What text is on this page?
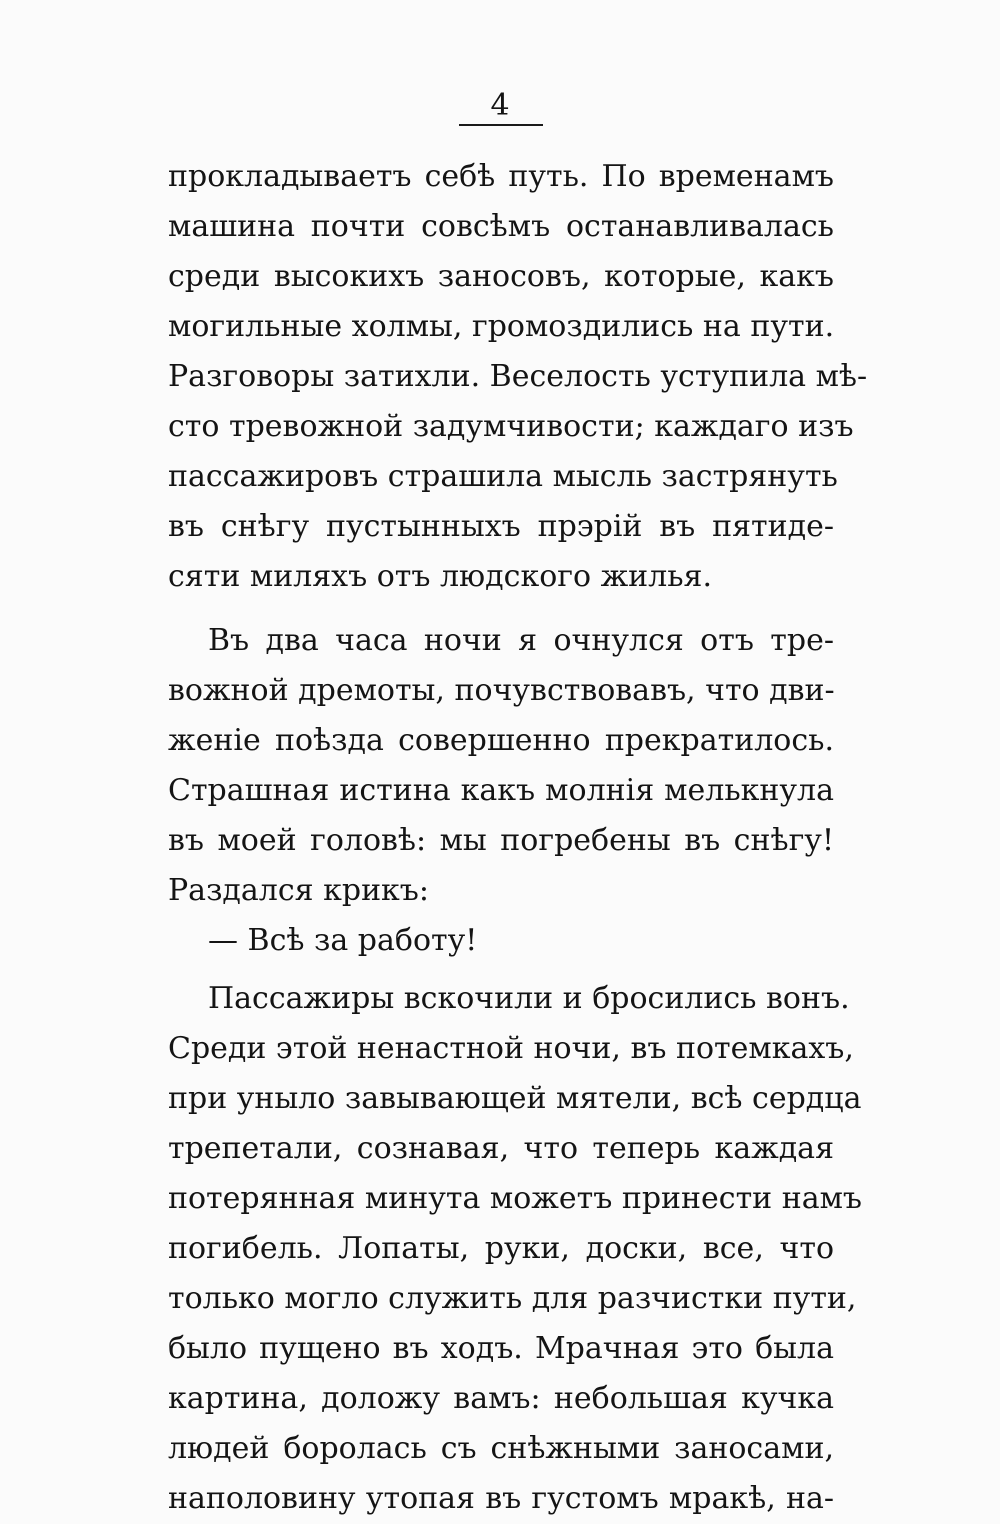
4
прокладываетъ себѣ путь. По временамъ
машина почти совсѣмъ останавливалась
среди высокихъ заносовъ, которые, какъ
могильные холмы, громоздились на пути.
Разговоры затихли. Веселость уступила мѣ-
сто тревожной задумчивости; каждаго изъ
пассажировъ страшила мысль застрянуть
въ снѣгу пустынныхъ прэрiй въ пятиде-
сяти миляхъ отъ людского жилья.
Въ два часа ночи я очнулся отъ тре-
вожной дремоты, почувствовавъ, что дви-
женiе поѣзда совершенно прекратилось.
Страшная истина какъ молнiя мелькнула
въ моей головѣ: мы погребены въ снѣгу!
Раздался крикъ:
— Всѣ за работу!
Пассажиры вскочили и бросились вонъ.
Среди этой ненастной ночи, въ потемкахъ,
при уныло завывающей мятели, всѣ сердца
трепетали, сознавая, что теперь каждая
потерянная минута можетъ принести намъ
погибель. Лопаты, руки, доски, все, что
только могло служить для разчистки пути,
было пущено въ ходъ. Мрачная это была
картина, доложу вамъ: небольшая кучка
людей боролась съ снѣжными заносами,
наполовину утопая въ густомъ мракѣ, на-
